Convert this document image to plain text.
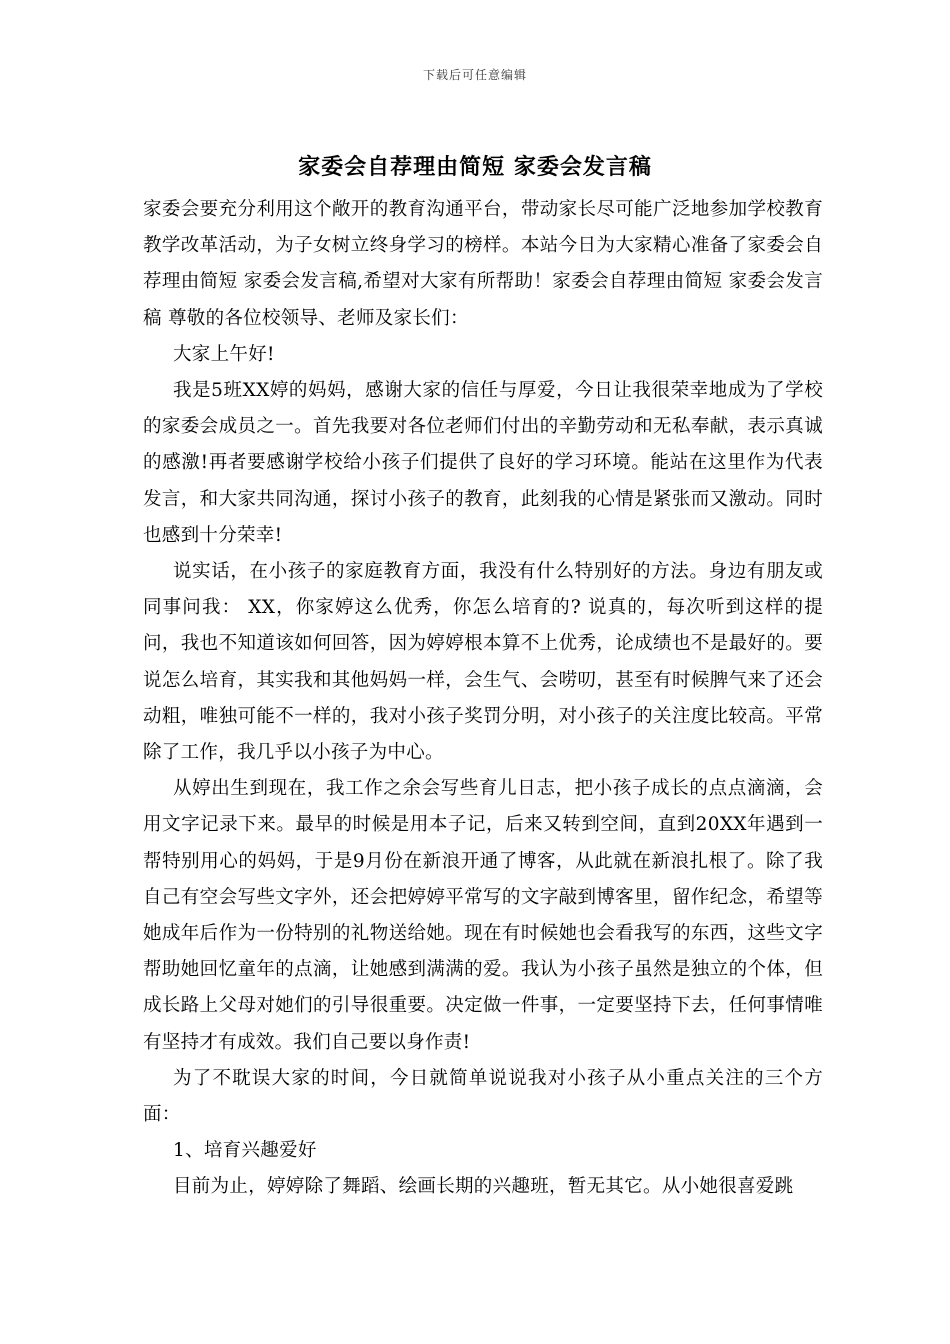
下载后可任意编辑
家委会自荐理由简短 家委会发言稿

家委会要充分利用这个敞开的教育沟通平台，带动家长尽可能广泛地参加学校教育教学改革活动，为子女树立终身学习的榜样。本站今日为大家精心准备了家委会自荐理由简短 家委会发言稿,希望对大家有所帮助！家委会自荐理由简短 家委会发言稿 尊敬的各位校领导、老师及家长们：

大家上午好!

我是5班XX婷的妈妈，感谢大家的信任与厚爱，今日让我很荣幸地成为了学校的家委会成员之一。首先我要对各位老师们付出的辛勤劳动和无私奉献，表示真诚的感激!再者要感谢学校给小孩子们提供了良好的学习环境。能站在这里作为代表发言，和大家共同沟通，探讨小孩子的教育，此刻我的心情是紧张而又激动。同时也感到十分荣幸!

说实话，在小孩子的家庭教育方面，我没有什么特别好的方法。身边有朋友或同事问我： XX，你家婷这么优秀，你怎么培育的? 说真的，每次听到这样的提问，我也不知道该如何回答，因为婷婷根本算不上优秀，论成绩也不是最好的。要说怎么培育，其实我和其他妈妈一样，会生气、会唠叨，甚至有时候脾气来了还会动粗，唯独可能不一样的，我对小孩子奖罚分明，对小孩子的关注度比较高。平常除了工作，我几乎以小孩子为中心。

从婷出生到现在，我工作之余会写些育儿日志，把小孩子成长的点点滴滴，会用文字记录下来。最早的时候是用本子记，后来又转到空间，直到20XX年遇到一帮特别用心的妈妈，于是9月份在新浪开通了博客，从此就在新浪扎根了。除了我自己有空会写些文字外，还会把婷婷平常写的文字敲到博客里，留作纪念，希望等她成年后作为一份特别的礼物送给她。现在有时候她也会看我写的东西，这些文字帮助她回忆童年的点滴，让她感到满满的爱。我认为小孩子虽然是独立的个体，但成长路上父母对她们的引导很重要。决定做一件事，一定要坚持下去，任何事情唯有坚持才有成效。我们自己要以身作责!

为了不耽误大家的时间，今日就简单说说我对小孩子从小重点关注的三个方面：

1、培育兴趣爱好

目前为止，婷婷除了舞蹈、绘画长期的兴趣班，暂无其它。从小她很喜爱跳
